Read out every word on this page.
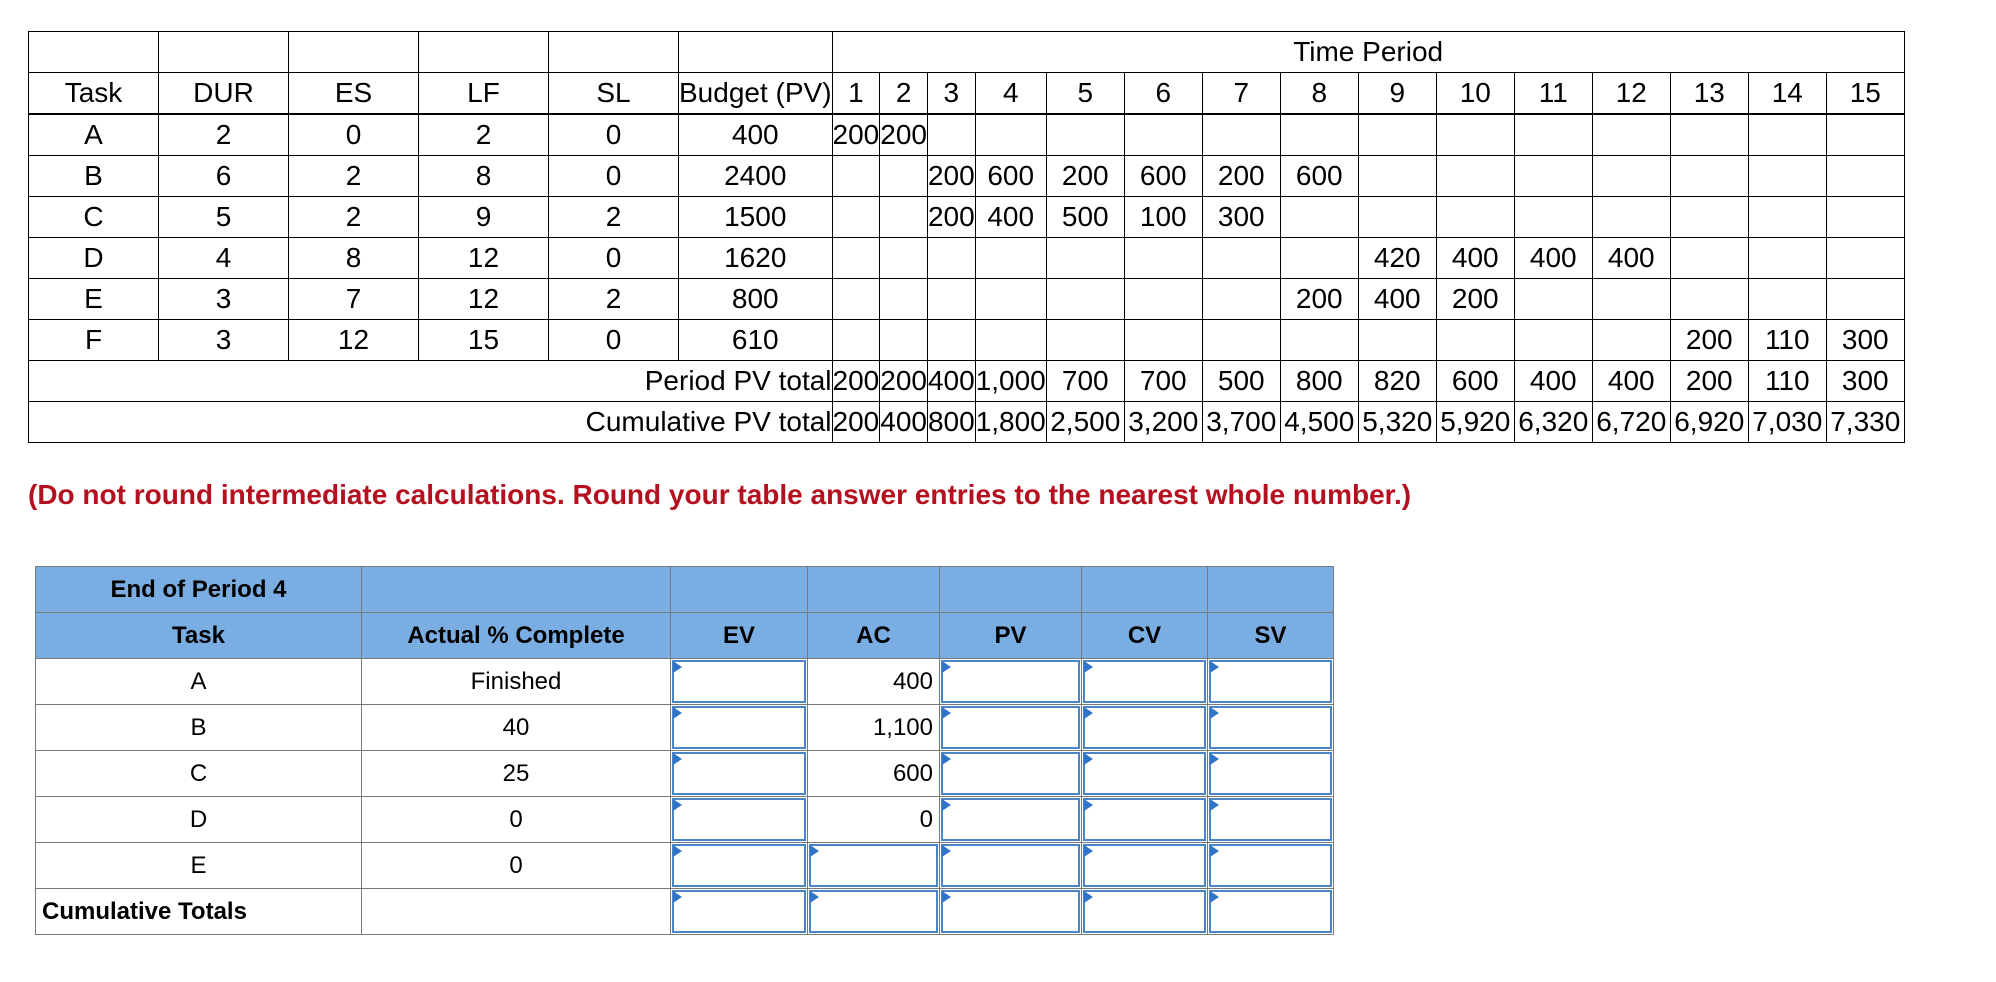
						Time Period														
Task	DUR	ES	LF	SL	Budget (PV)	1	2	3	4	5	6	7	8	9	10	11	12	13	14	15
A	2	0	2	0	400	200	200													
B	6	2	8	0	2400			200	600	200	600	200	600							
C	5	2	9	2	1500			200	400	500	100	300								
D	4	8	12	0	1620									420	400	400	400			
E	3	7	12	2	800								200	400	200					
F	3	12	15	0	610													200	110	300
Period PV total						200	200	400	1,000	700	700	500	800	820	600	400	400	200	110	300
Cumulative PV total						200	400	800	1,800	2,500	3,200	3,700	4,500	5,320	5,920	6,320	6,720	6,920	7,030	7,330
(Do not round intermediate calculations. Round your table answer entries to the nearest whole number.)
End of Period 4						
Task	Actual % Complete	EV	AC	PV	CV	SV
A	Finished		400	

B	40		1,100	

C	25		600	

D	0		0	

E	0	

Cumulative Totals		
